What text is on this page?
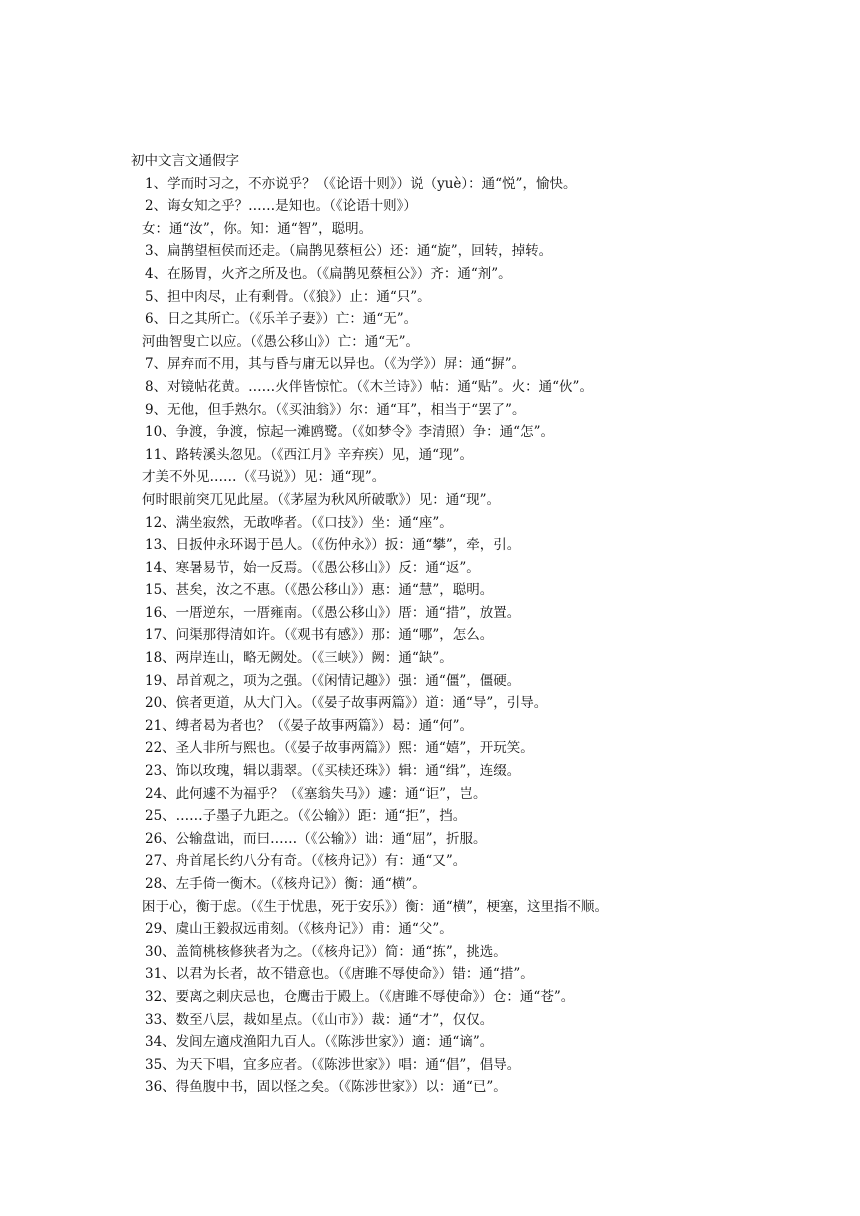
初中文言文通假字
1、学而时习之，不亦说乎？（《论语十则》）说（yuè）：通“悦”，愉快。
2、诲女知之乎？……是知也。（《论语十则》）
女：通“汝”，你。知：通“智”，聪明。
3、扁鹊望桓侯而还走。（扁鹊见蔡桓公）还：通“旋”，回转，掉转。
4、在肠胃，火齐之所及也。（《扁鹊见蔡桓公》）齐：通“剂”。
5、担中肉尽，止有剩骨。（《狼》）止：通“只”。
6、日之其所亡。（《乐羊子妻》）亡：通“无”。
河曲智叟亡以应。（《愚公移山》）亡：通“无”。
7、屏弃而不用，其与昏与庸无以异也。（《为学》）屏：通“摒”。
8、对镜帖花黄。……火伴皆惊忙。（《木兰诗》）帖：通“贴”。火：通“伙”。
9、无他，但手熟尔。（《买油翁》）尔：通“耳”，相当于“罢了”。
10、争渡，争渡，惊起一滩鸥鹭。（《如梦令》李清照）争：通“怎”。
11、路转溪头忽见。（《西江月》辛弃疾）见，通“现”。
才美不外见……（《马说》）见：通“现”。
何时眼前突兀见此屋。（《茅屋为秋风所破歌》）见：通“现”。
12、满坐寂然，无敢哗者。（《口技》）坐：通“座”。
13、日扳仲永环谒于邑人。（《伤仲永》）扳：通“攀”，牵，引。
14、寒暑易节，始一反焉。（《愚公移山》）反：通“返”。
15、甚矣，汝之不惠。（《愚公移山》）惠：通“慧”，聪明。
16、一厝逆东，一厝雍南。（《愚公移山》）厝：通“措”，放置。
17、问渠那得清如许。（《观书有感》）那：通“哪”，怎么。
18、两岸连山，略无阙处。（《三峡》）阙：通“缺”。
19、昂首观之，项为之强。（《闲情记趣》）强：通“僵”，僵硬。
20、傧者更道，从大门入。（《晏子故事两篇》）道：通“导”，引导。
21、缚者曷为者也？（《晏子故事两篇》）曷：通“何”。
22、圣人非所与熙也。（《晏子故事两篇》）熙：通“嬉”，开玩笑。
23、饰以玫瑰，辑以翡翠。（《买椟还珠》）辑：通“缉”，连缀。
24、此何遽不为福乎？（《塞翁失马》）遽：通“讵”，岂。
25、……子墨子九距之。（《公输》）距：通“拒”，挡。
26、公输盘诎，而曰……（《公输》）诎：通“屈”，折服。
27、舟首尾长约八分有奇。（《核舟记》）有：通“又”。
28、左手倚一衡木。（《核舟记》）衡：通“横”。
困于心，衡于虑。（《生于忧患，死于安乐》）衡：通“横”，梗塞，这里指不顺。
29、虞山王毅叔远甫刻。（《核舟记》）甫：通“父”。
30、盖简桃核修狭者为之。（《核舟记》）简：通“拣”，挑选。
31、以君为长者，故不错意也。（《唐雎不辱使命》）错：通“措”。
32、要离之刺庆忌也，仓鹰击于殿上。（《唐雎不辱使命》）仓：通“苍”。
33、数至八层，裁如星点。（《山市》）裁：通“才”，仅仅。
34、发闾左適戍渔阳九百人。（《陈涉世家》）適：通“谪”。
35、为天下唱，宜多应者。（《陈涉世家》）唱：通“倡”，倡导。
36、得鱼腹中书，固以怪之矣。（《陈涉世家》）以：通“已”。
